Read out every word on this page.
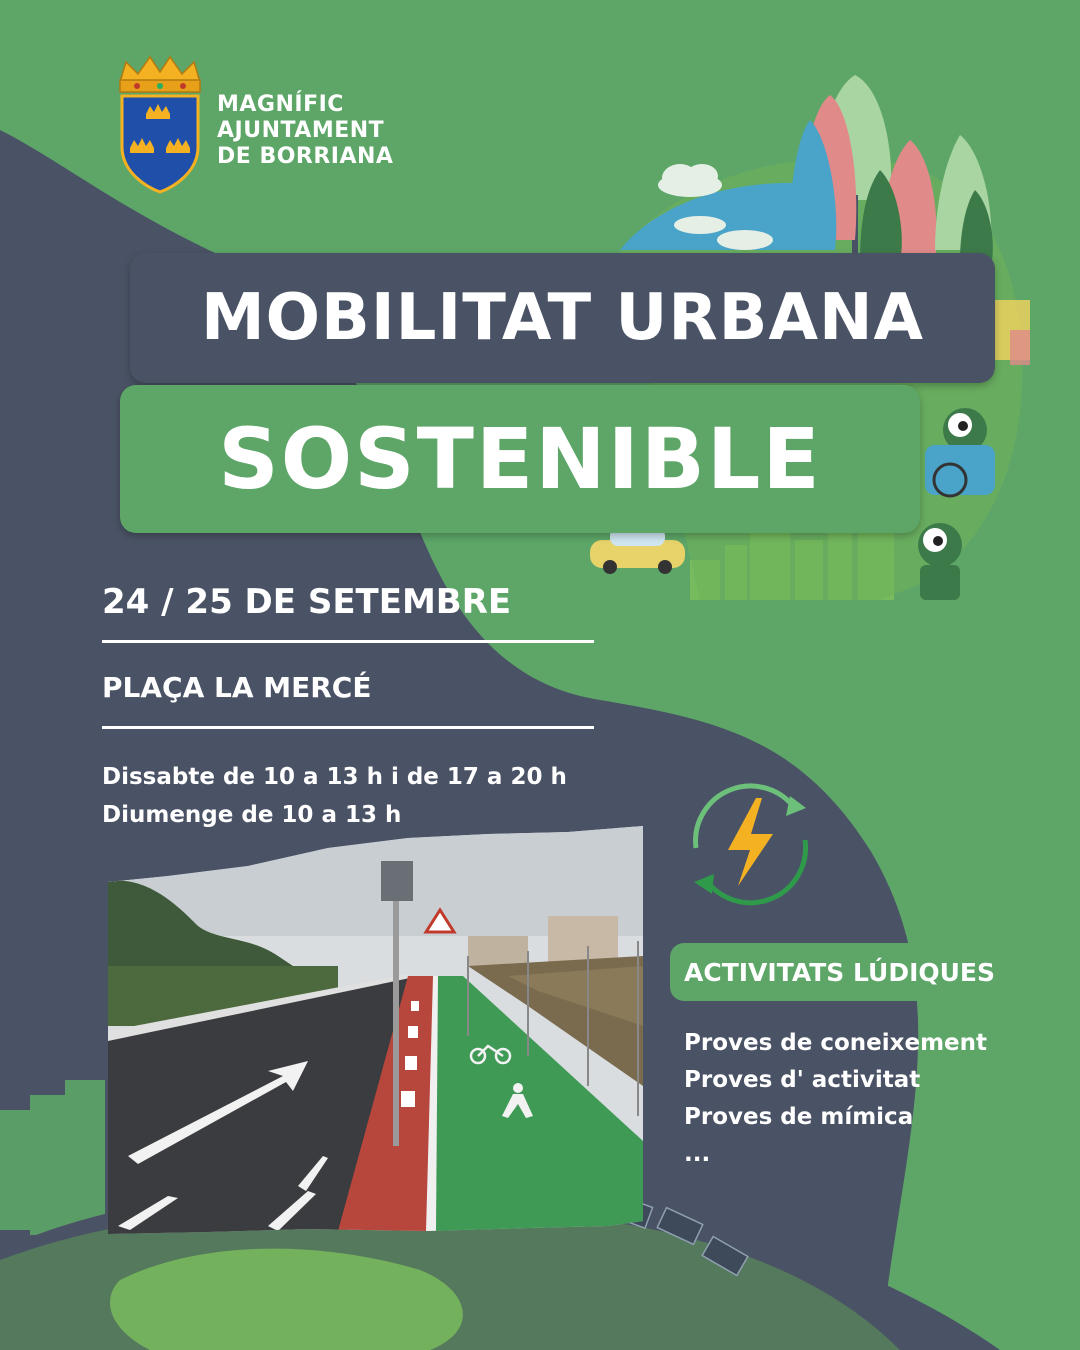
MAGNÍFIC
AJUNTAMENT
DE BORRIANA
MOBILITAT URBANA
SOSTENIBLE
24 / 25 DE SETEMBRE
PLAÇA LA MERCÉ
Dissabte de 10 a 13 h i de 17 a 20 h
Diumenge de 10 a 13 h
ACTIVITATS LÚDIQUES
Proves de coneixement
Proves d' activitat
Proves de mímica
...
